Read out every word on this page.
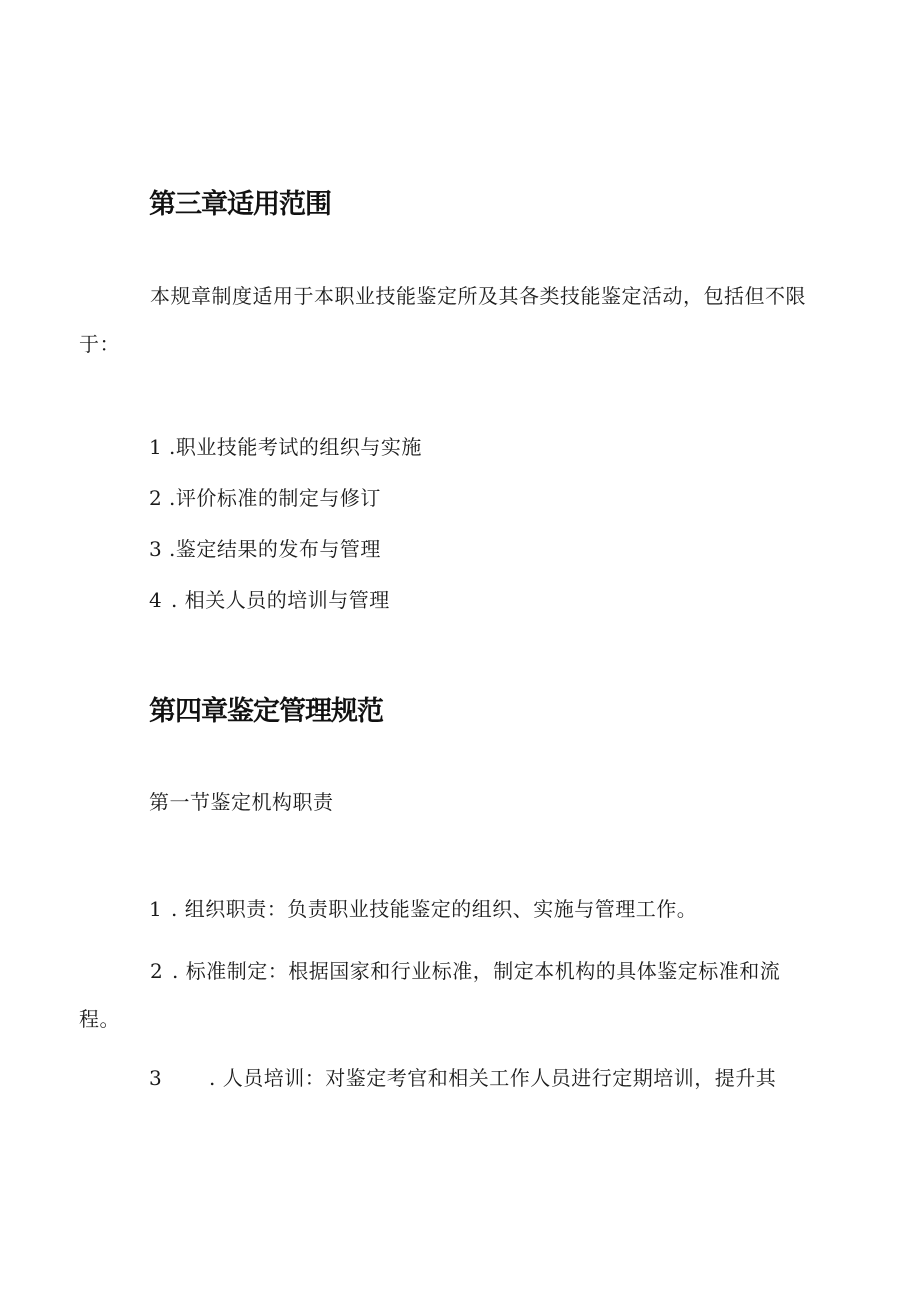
第三章适用范围

本规章制度适用于本职业技能鉴定所及其各类技能鉴定活动，包括但不限于：

1 .职业技能考试的组织与实施
2 .评价标准的制定与修订
3 .鉴定结果的发布与管理
4 . 相关人员的培训与管理
第四章鉴定管理规范
第一节鉴定机构职责
1 . 组织职责：负责职业技能鉴定的组织、实施与管理工作。
2 . 标准制定：根据国家和行业标准，制定本机构的具体鉴定标准和流程。
3 . 人员培训：对鉴定考官和相关工作人员进行定期培训，提升其
